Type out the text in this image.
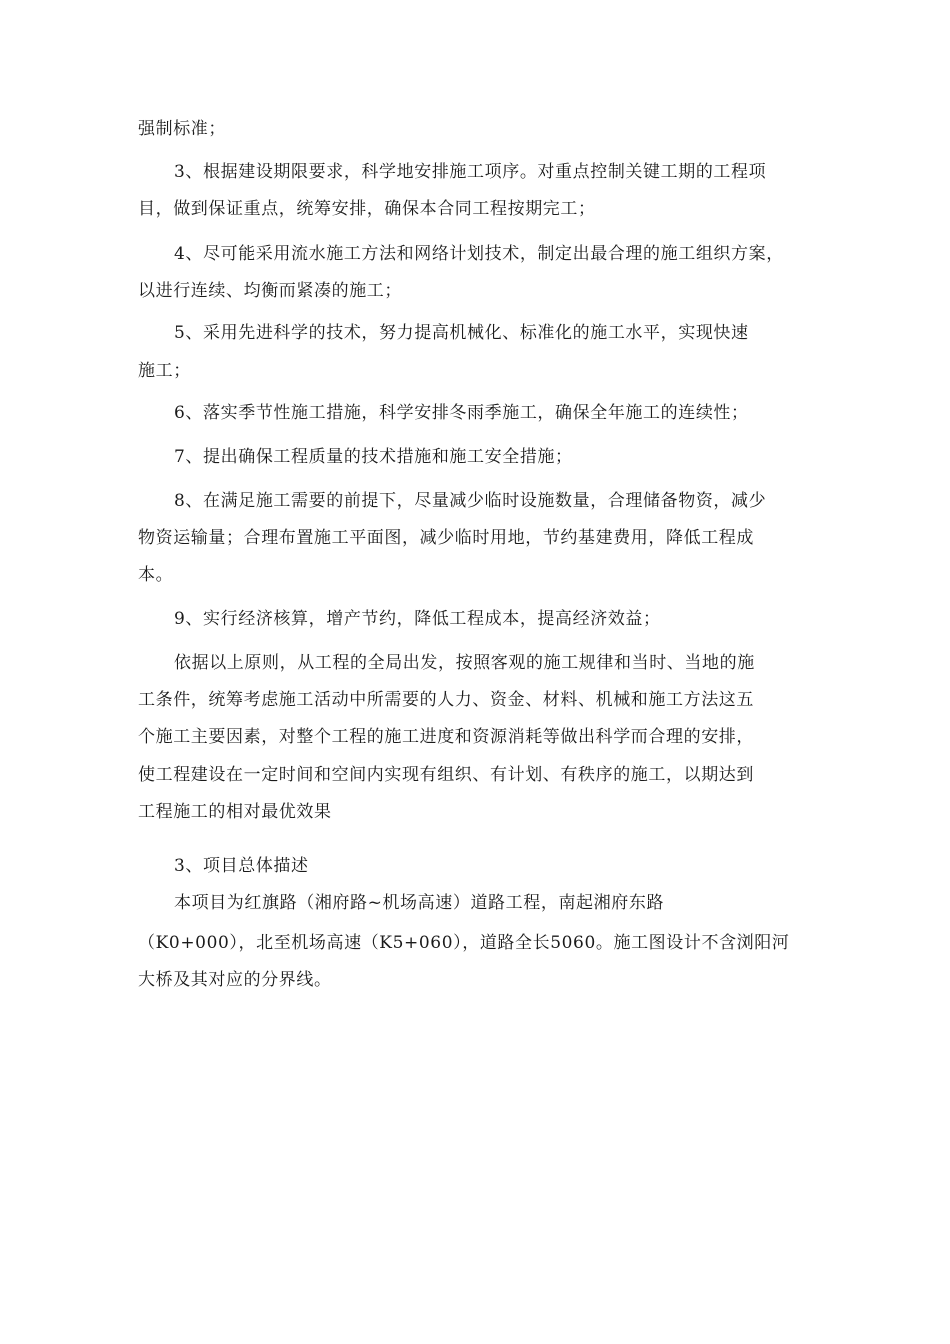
强制标准；
3、根据建设期限要求，科学地安排施工项序。对重点控制关键工期的工程项
目，做到保证重点，统筹安排，确保本合同工程按期完工；
4、尽可能采用流水施工方法和网络计划技术，制定出最合理的施工组织方案，
以进行连续、均衡而紧凑的施工；
5、采用先进科学的技术，努力提高机械化、标准化的施工水平，实现快速
施工；
6、落实季节性施工措施，科学安排冬雨季施工，确保全年施工的连续性；
7、提出确保工程质量的技术措施和施工安全措施；
8、在满足施工需要的前提下，尽量减少临时设施数量，合理储备物资，减少
物资运输量；合理布置施工平面图，减少临时用地，节约基建费用，降低工程成
本。
9、实行经济核算，增产节约，降低工程成本，提高经济效益；
依据以上原则，从工程的全局出发，按照客观的施工规律和当时、当地的施
工条件，统筹考虑施工活动中所需要的人力、资金、材料、机械和施工方法这五
个施工主要因素，对整个工程的施工进度和资源消耗等做出科学而合理的安排，
使工程建设在一定时间和空间内实现有组织、有计划、有秩序的施工，以期达到
工程施工的相对最优效果
3、项目总体描述
本项目为红旗路（湘府路~机场高速）道路工程，南起湘府东路
（K0+000），北至机场高速（K5+060），道路全长5060。施工图设计不含浏阳河
大桥及其对应的分界线。
